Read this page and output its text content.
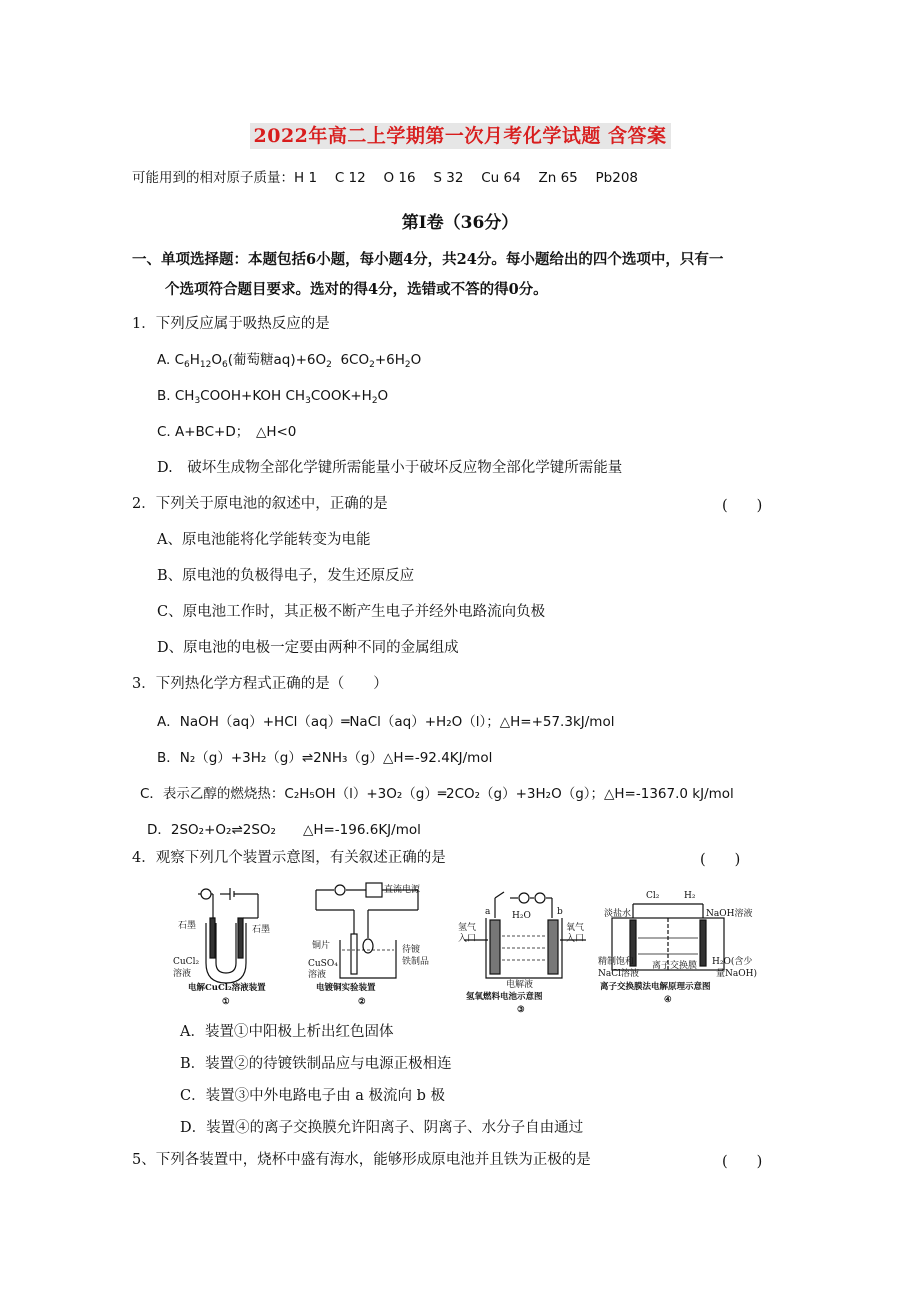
2022年高二上学期第一次月考化学试题 含答案
可能用到的相对原子质量：H 1　 C 12　 O 16　 S 32　 Cu 64　 Zn 65　 Pb208
第Ⅰ卷（36分）
一、单项选择题：本题包括6小题，每小题4分，共24分。每小题给出的四个选项中，只有一
个选项符合题目要求。选对的得4分，选错或不答的得0分。
1．下列反应属于吸热反应的是
A. $C_6H_{12}O_6$(葡萄糖$aq)+6O_2$ $6CO_2+6H_2O$
B. $CH_3COOH+KOH$ $CH_3COOK+H_2O$
C. A+BC+D；　△H<0
D.　破坏生成物全部化学键所需能量小于破坏反应物全部化学键所需能量
2．下列关于原电池的叙述中，正确的是	(　　)
A、原电池能将化学能转变为电能
B、原电池的负极得电子，发生还原反应
C、原电池工作时，其正极不断产生电子并经外电路流向负极
D、原电池的电极一定要由两种不同的金属组成
3．下列热化学方程式正确的是（　　）
A．NaOH（aq）+HCl（aq）═NaCl（aq）+H₂O（l）；△H=+57.3kJ/mol
B．N₂（g）+3H₂（g）⇌2NH₃（g）△H=-92.4KJ/mol
C．表示乙醇的燃烧热：C₂H₅OH（l）+3O₂（g）═2CO₂（g）+3H₂O（g）；△H=-1367.0 kJ/mol
D．2SO₂+O₂⇌2SO₂　　△H=-196.6KJ/mol
4．观察下列几个装置示意图，有关叙述正确的是	(　　)
石墨	石墨
CuCl₂
溶液
电解CuCl₂溶液装置
①
直流电源
铜片
CuSO₄
溶液
待镀
铁制品
电镀铜实验装置
②
a	b
H₂O
氢气
入口
氧气
入口
电解液
氢氧燃料电池示意图
③
Cl₂	H₂
淡盐水	NaOH溶液
精制饱和
NaCl溶液
离子交换膜 H₂O(含少
量NaOH)
离子交换膜法电解原理示意图
④
A．装置①中阳极上析出红色固体
B．装置②的待镀铁制品应与电源正极相连
C．装置③中外电路电子由 a 极流向 b 极
D．装置④的离子交换膜允许阳离子、阴离子、水分子自由通过
5、下列各装置中，烧杯中盛有海水，能够形成原电池并且铁为正极的是	(　　)
